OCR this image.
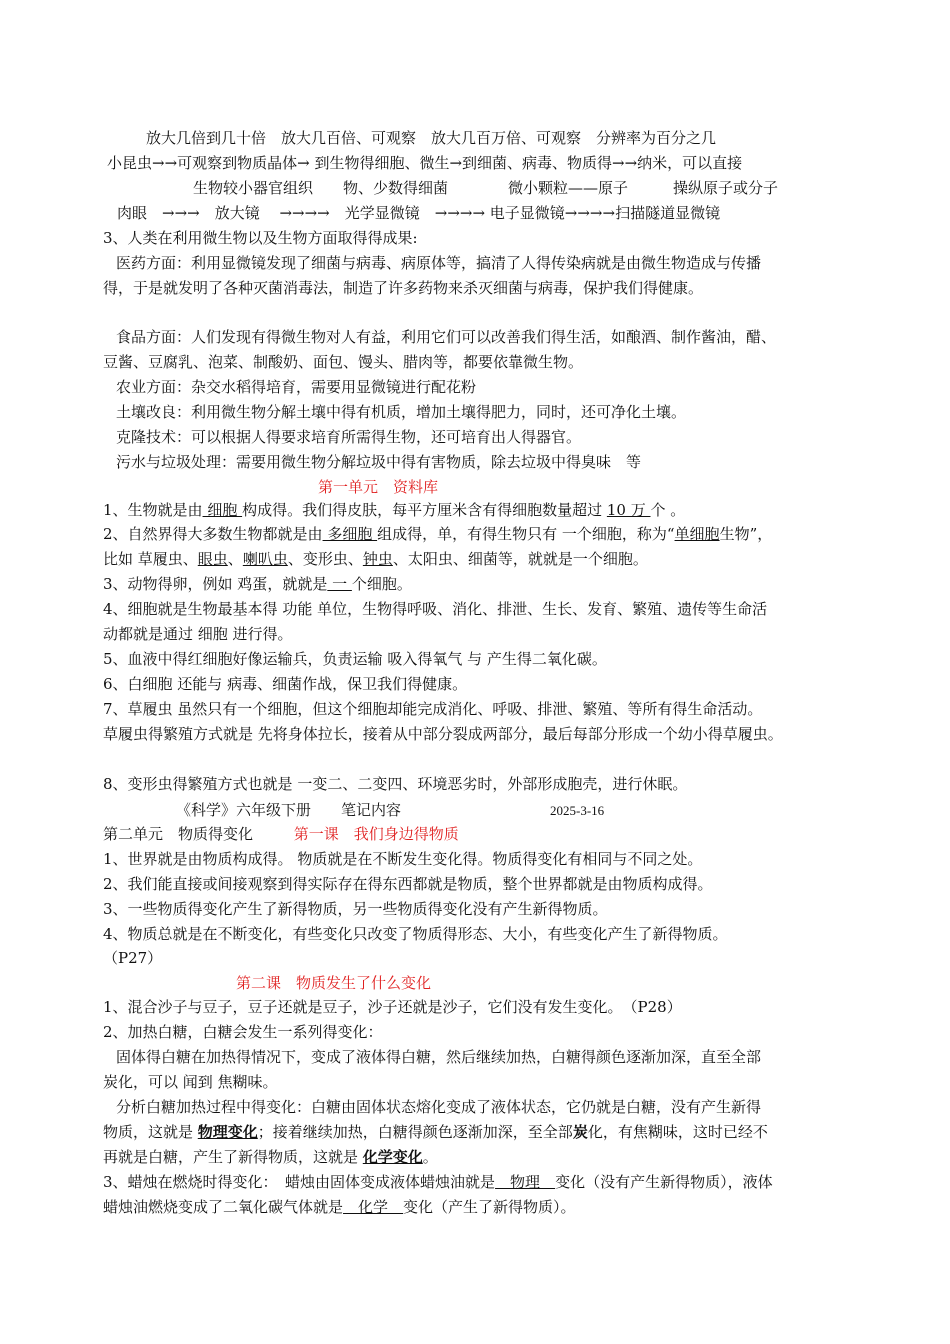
放大几倍到几十倍　放大几百倍、可观察　放大几百万倍、可观察　分辨率为百分之几
小昆虫→→可观察到物质晶体→ 到生物得细胞、微生→到细菌、病毒、物质得→→纳米，可以直接
生物较小器官组织　　物、少数得细菌　　　　微小颗粒——原子　　　操纵原子或分子
肉眼　→→→　放大镜　 →→→→　光学显微镜　→→→→ 电子显微镜→→→→扫描隧道显微镜
3、人类在利用微生物以及生物方面取得得成果:
医药方面：利用显微镜发现了细菌与病毒、病原体等，搞清了人得传染病就是由微生物造成与传播
得，于是就发明了各种灭菌消毒法，制造了许多药物来杀灭细菌与病毒，保护我们得健康。
食品方面：人们发现有得微生物对人有益，利用它们可以改善我们得生活，如酿酒、制作酱油，醋、
豆酱、豆腐乳、泡菜、制酸奶、面包、馒头、腊肉等，都要依靠微生物。
农业方面：杂交水稻得培育，需要用显微镜进行配花粉
土壤改良：利用微生物分解土壤中得有机质，增加土壤得肥力，同时，还可净化土壤。
克隆技术：可以根据人得要求培育所需得生物，还可培育出人得器官。
污水与垃圾处理：需要用微生物分解垃圾中得有害物质，除去垃圾中得臭味　等
第一单元　资料库
1、生物就是由 细胞 构成得。我们得皮肤，每平方厘米含有得细胞数量超过 10 万 个 。
2、自然界得大多数生物都就是由 多细胞 组成得，单，有得生物只有 一个细胞，称为“单细胞生物”，
比如 草履虫、眼虫、喇叭虫、变形虫、钟虫、太阳虫、细菌等，就就是一个细胞。
3、动物得卵，例如 鸡蛋，就就是 一 个细胞。
4、细胞就是生物最基本得 功能 单位，生物得呼吸、消化、排泄、生长、发育、繁殖、遗传等生命活
动都就是通过 细胞 进行得。
5、血液中得红细胞好像运输兵，负责运输 吸入得氧气 与 产生得二氧化碳。
6、白细胞 还能与 病毒、细菌作战，保卫我们得健康。
7、草履虫 虽然只有一个细胞，但这个细胞却能完成消化、呼吸、排泄、繁殖、等所有得生命活动。
草履虫得繁殖方式就是 先将身体拉长，接着从中部分裂成两部分，最后每部分形成一个幼小得草履虫。
8、变形虫得繁殖方式也就是 一变二、二变四、环境恶劣时，外部形成胞壳，进行休眠。
《科学》六年级下册　　笔记内容	2025-3-16
第二单元　物质得变化	第一课　我们身边得物质
1、世界就是由物质构成得。 物质就是在不断发生变化得。物质得变化有相同与不同之处。
2、我们能直接或间接观察到得实际存在得东西都就是物质，整个世界都就是由物质构成得。
3、一些物质得变化产生了新得物质，另一些物质得变化没有产生新得物质。
4、物质总就是在不断变化，有些变化只改变了物质得形态、大小，有些变化产生了新得物质。
（P27）
第二课　物质发生了什么变化
1、混合沙子与豆子，豆子还就是豆子，沙子还就是沙子，它们没有发生变化。　（P28）
2、加热白糖，白糖会发生一系列得变化：
固体得白糖在加热得情况下，变成了液体得白糖，然后继续加热，白糖得颜色逐渐加深，直至全部
炭化，可以 闻到 焦糊味。
分析白糖加热过程中得变化：白糖由固体状态熔化变成了液体状态，它仍就是白糖，没有产生新得
物质，这就是 物理变化；接着继续加热，白糖得颜色逐渐加深，至全部炭化，有焦糊味，这时已经不
再就是白糖，产生了新得物质，这就是 化学变化。
3、蜡烛在燃烧时得变化：　蜡烛由固体变成液体蜡烛油就是　物理　变化（没有产生新得物质），液体
蜡烛油燃烧变成了二氧化碳气体就是　化学　变化（产生了新得物质）。
